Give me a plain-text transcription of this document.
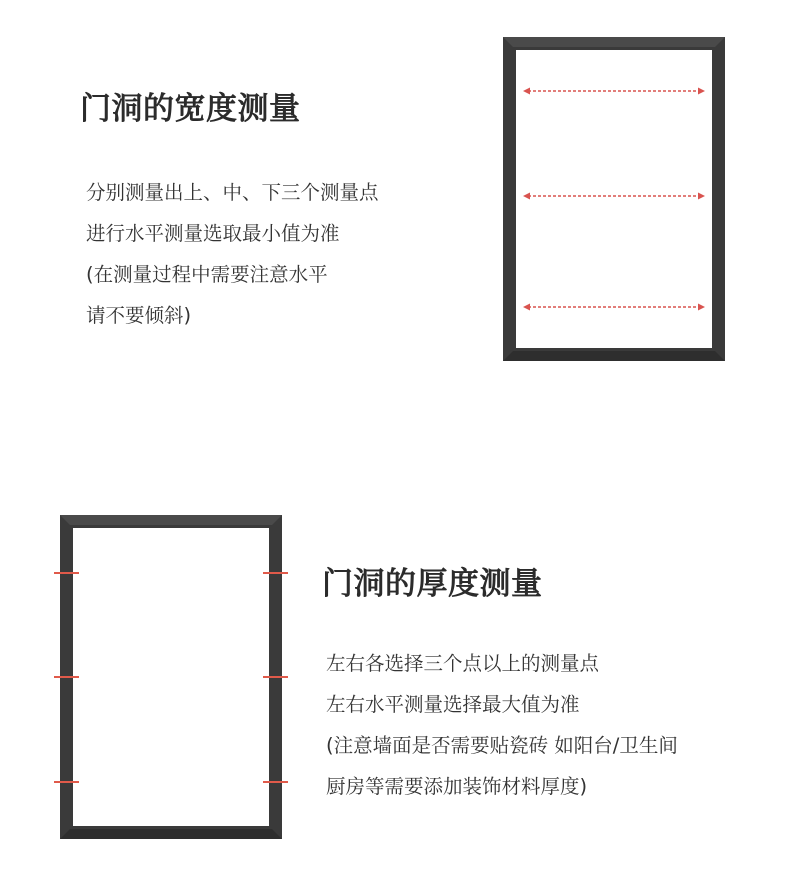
门洞的宽度测量
分别测量出上、中、下三个测量点
进行水平测量选取最小值为准
(在测量过程中需要注意水平
请不要倾斜)
门洞的厚度测量
左右各选择三个点以上的测量点
左右水平测量选择最大值为准
(注意墙面是否需要贴瓷砖 如阳台/卫生间
厨房等需要添加装饰材料厚度)
